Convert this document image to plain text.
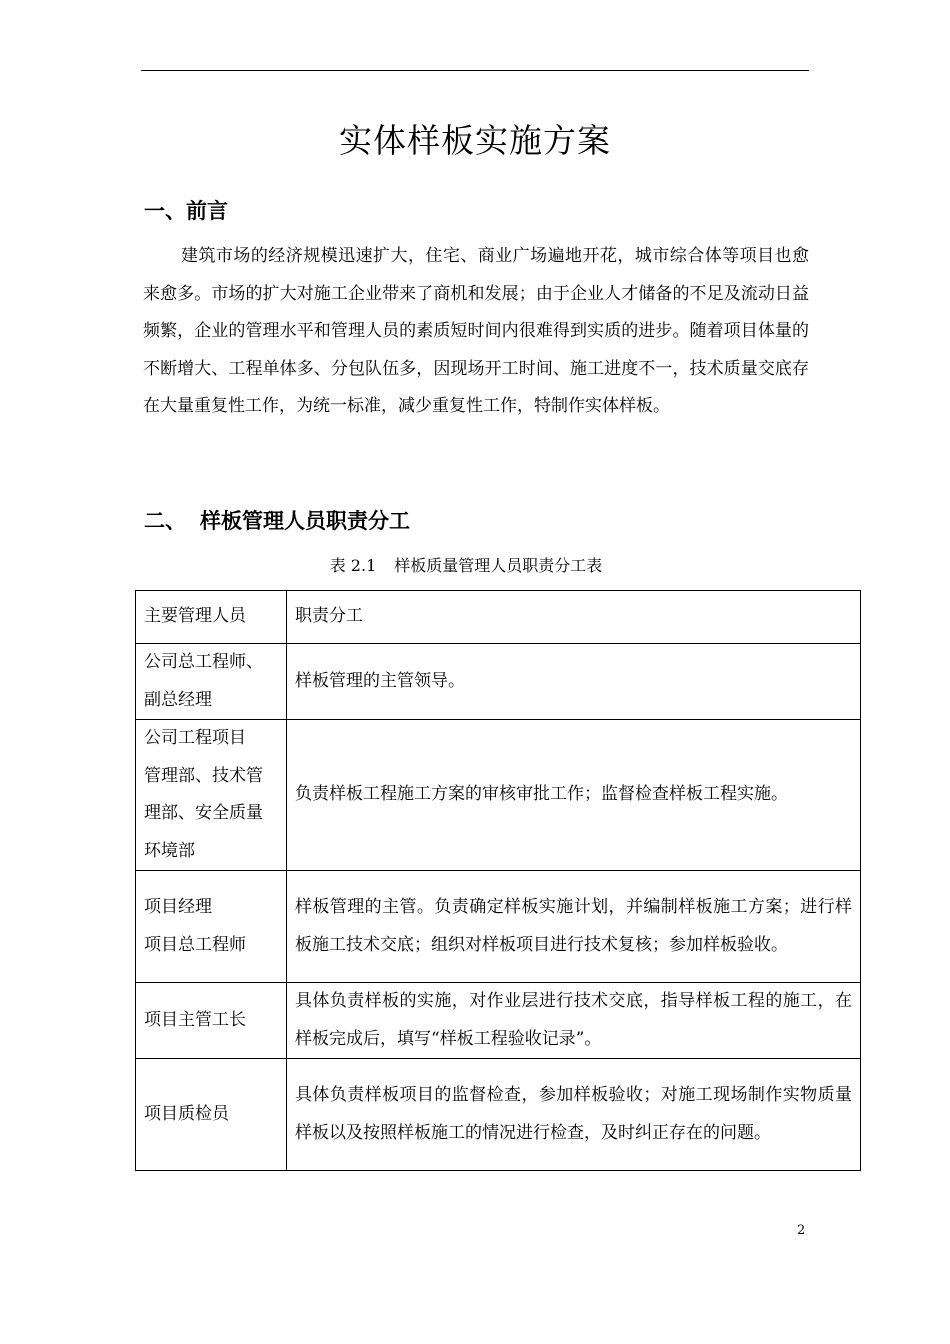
实体样板实施方案
一、前言

建筑市场的经济规模迅速扩大，住宅、商业广场遍地开花，城市综合体等项目也愈来愈多。市场的扩大对施工企业带来了商机和发展；由于企业人才储备的不足及流动日益频繁，企业的管理水平和管理人员的素质短时间内很难得到实质的进步。随着项目体量的不断增大、工程单体多、分包队伍多，因现场开工时间、施工进度不一，技术质量交底存在大量重复性工作，为统一标准，减少重复性工作，特制作实体样板。

二、 样板管理人员职责分工

表 2.1 样板质量管理人员职责分工表

主要管理人员	职责分工

公司总工程师、
副总经理	样板管理的主管领导。

公司工程项目
管理部、技术管
理部、安全质量
环境部	负责样板工程施工方案的审核审批工作；监督检查样板工程实施。

项目经理
项目总工程师	样板管理的主管。负责确定样板实施计划，并编制样板施工方案；进行样板施工技术交底；组织对样板项目进行技术复核；参加样板验收。

项目主管工长	具体负责样板的实施，对作业层进行技术交底，指导样板工程的施工，在样板完成后，填写“样板工程验收记录”。

项目质检员	具体负责样板项目的监督检查，参加样板验收；对施工现场制作实物质量样板以及按照样板施工的情况进行检查，及时纠正存在的问题。

2
